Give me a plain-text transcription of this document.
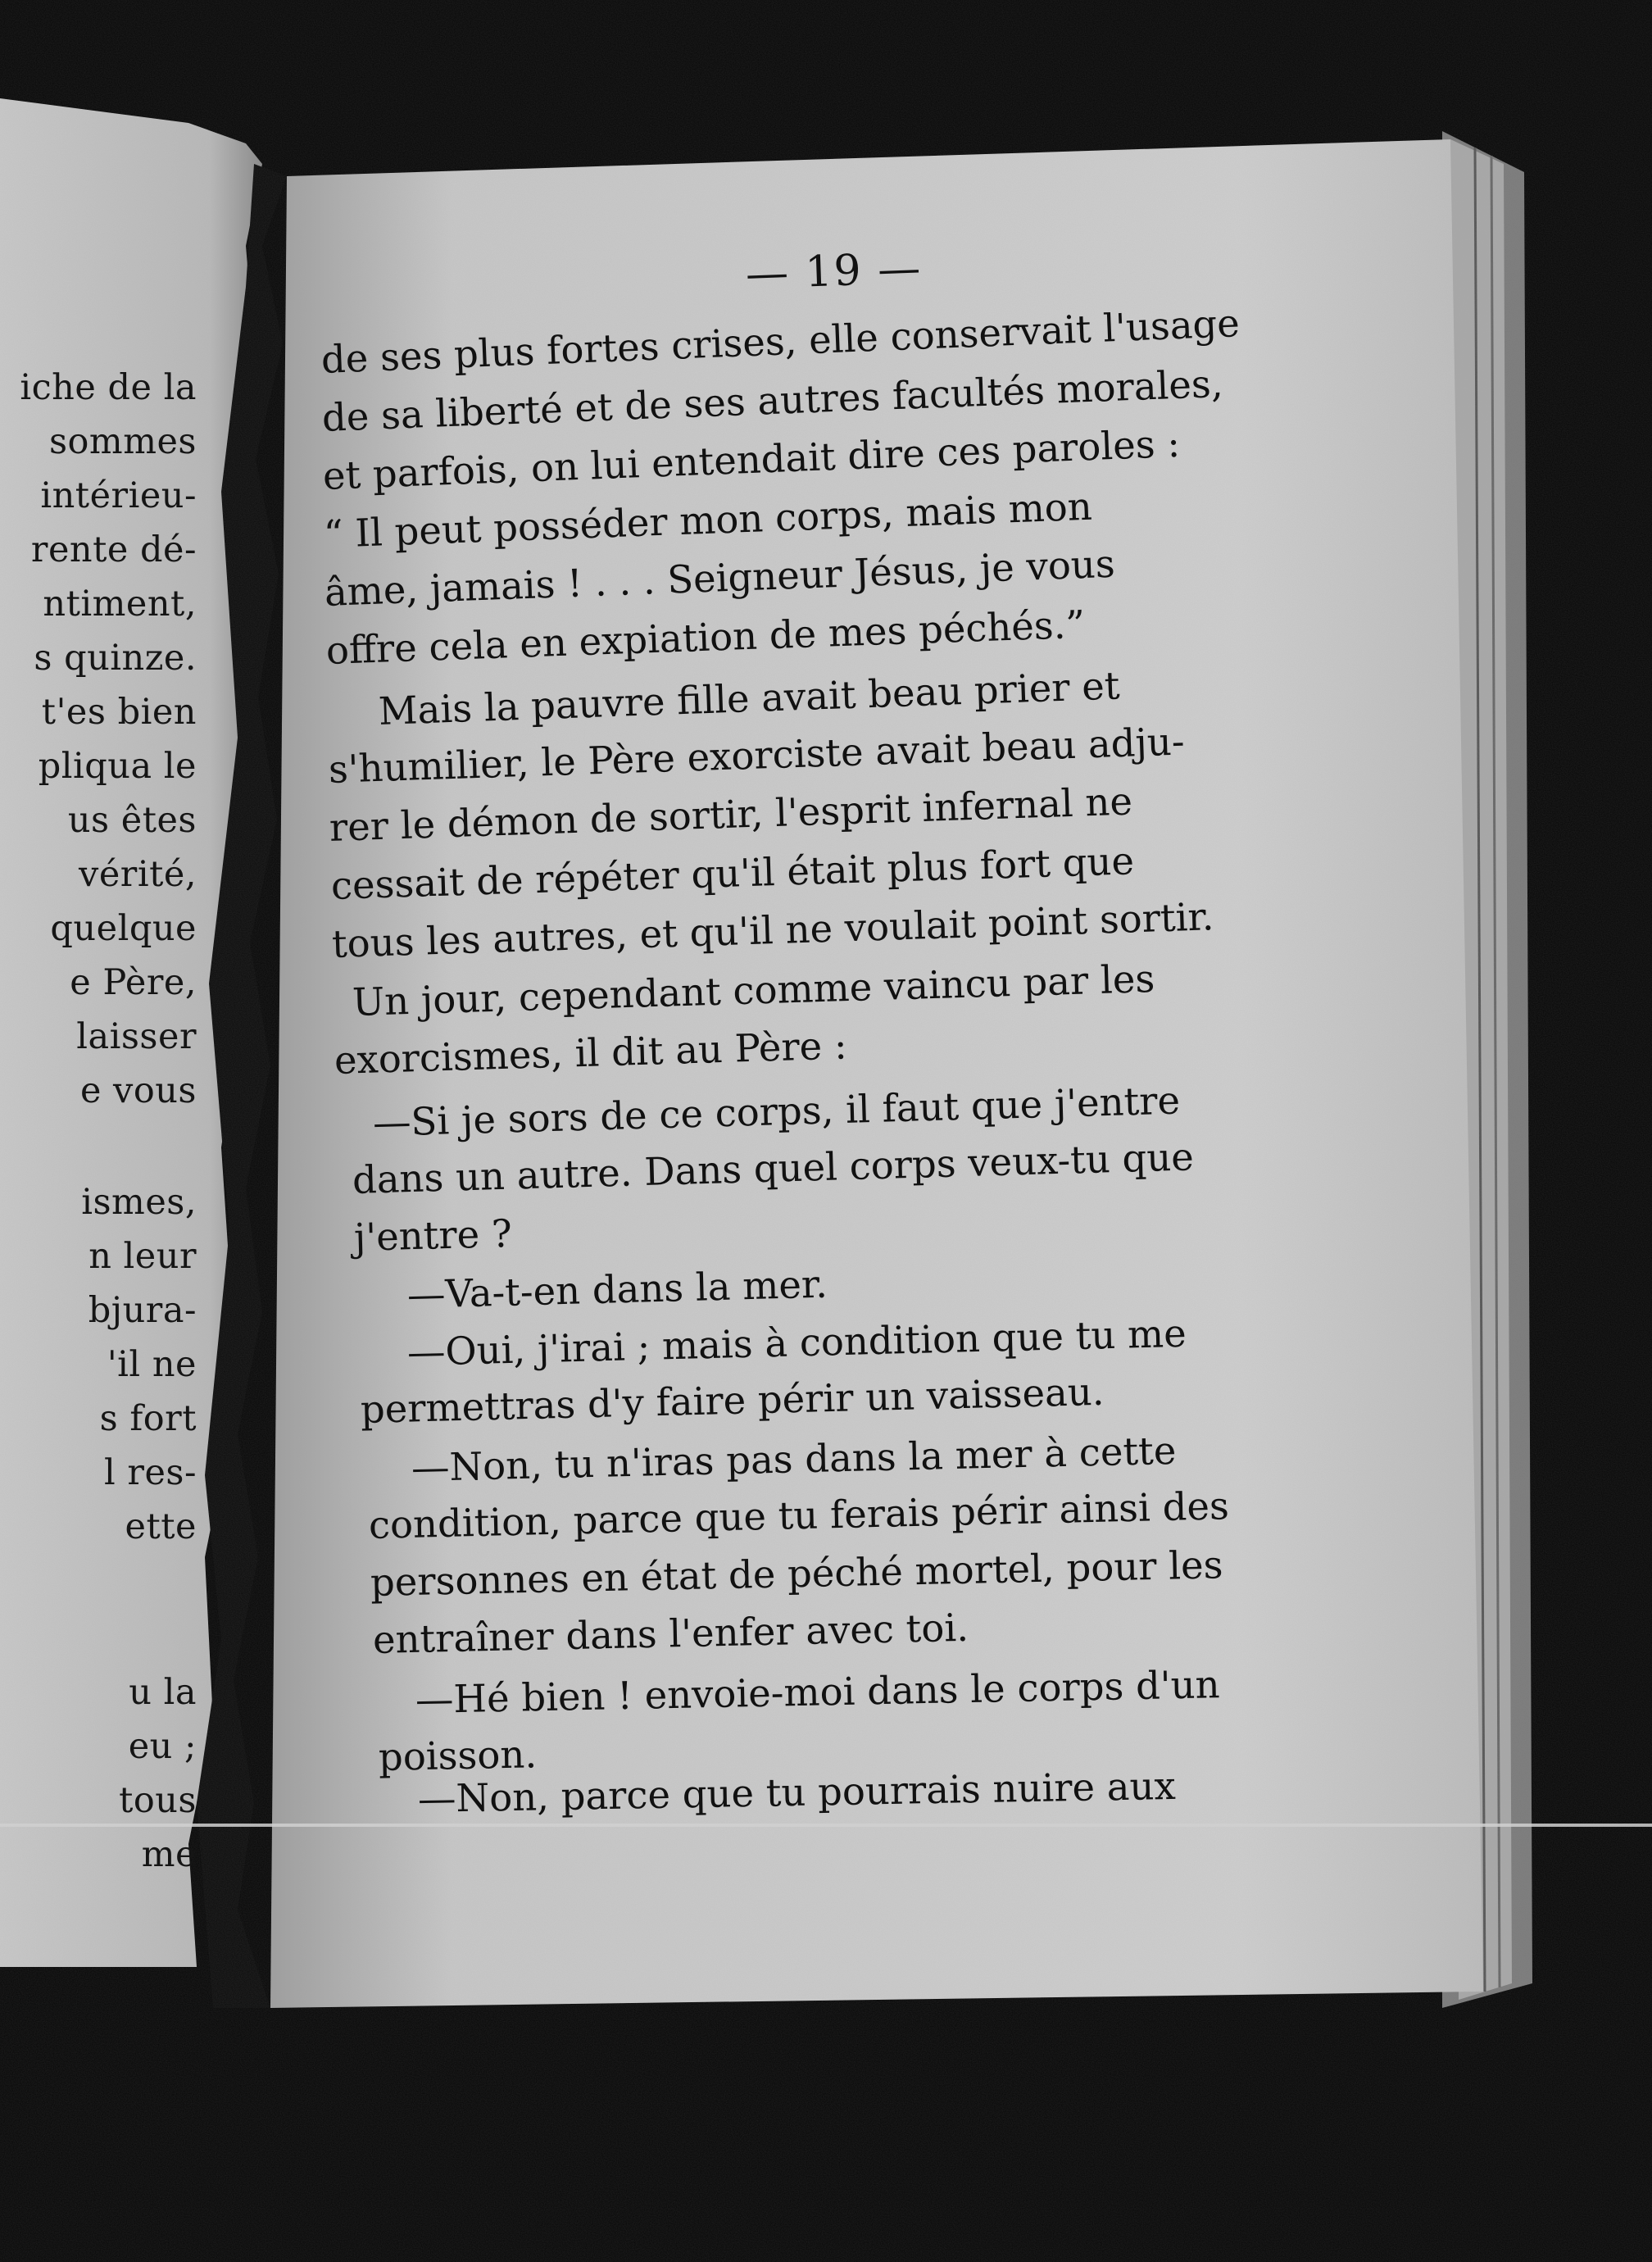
iche de la
sommes
intérieu-
rente dé-
ntiment,
s quinze.
t'es bien
pliqua le
us êtes
vérité,
quelque
e Père,
laisser
e vous
ismes,
n leur
bjura-
'il ne
s fort
l res-
ette
u la
eu ;
tous
me
— 19 —
de ses plus fortes crises, elle conservait l'usage
de sa liberté et de ses autres facultés morales,
et parfois, on lui entendait dire ces paroles :
“ Il peut posséder mon corps, mais mon
âme, jamais ! . . . Seigneur Jésus, je vous
offre cela en expiation de mes péchés.”
Mais la pauvre fille avait beau prier et
s'humilier, le Père exorciste avait beau adju-
rer le démon de sortir, l'esprit infernal ne
cessait de répéter qu'il était plus fort que
tous les autres, et qu'il ne voulait point sortir.
Un jour, cependant comme vaincu par les
exorcismes, il dit au Père :
—Si je sors de ce corps, il faut que j'entre
dans un autre. Dans quel corps veux-tu que
j'entre ?
—Va-t-en dans la mer.
—Oui, j'irai ; mais à condition que tu me
permettras d'y faire périr un vaisseau.
—Non, tu n'iras pas dans la mer à cette
condition, parce que tu ferais périr ainsi des
personnes en état de péché mortel, pour les
entraîner dans l'enfer avec toi.
—Hé bien ! envoie-moi dans le corps d'un
poisson.
—Non, parce que tu pourrais nuire aux
